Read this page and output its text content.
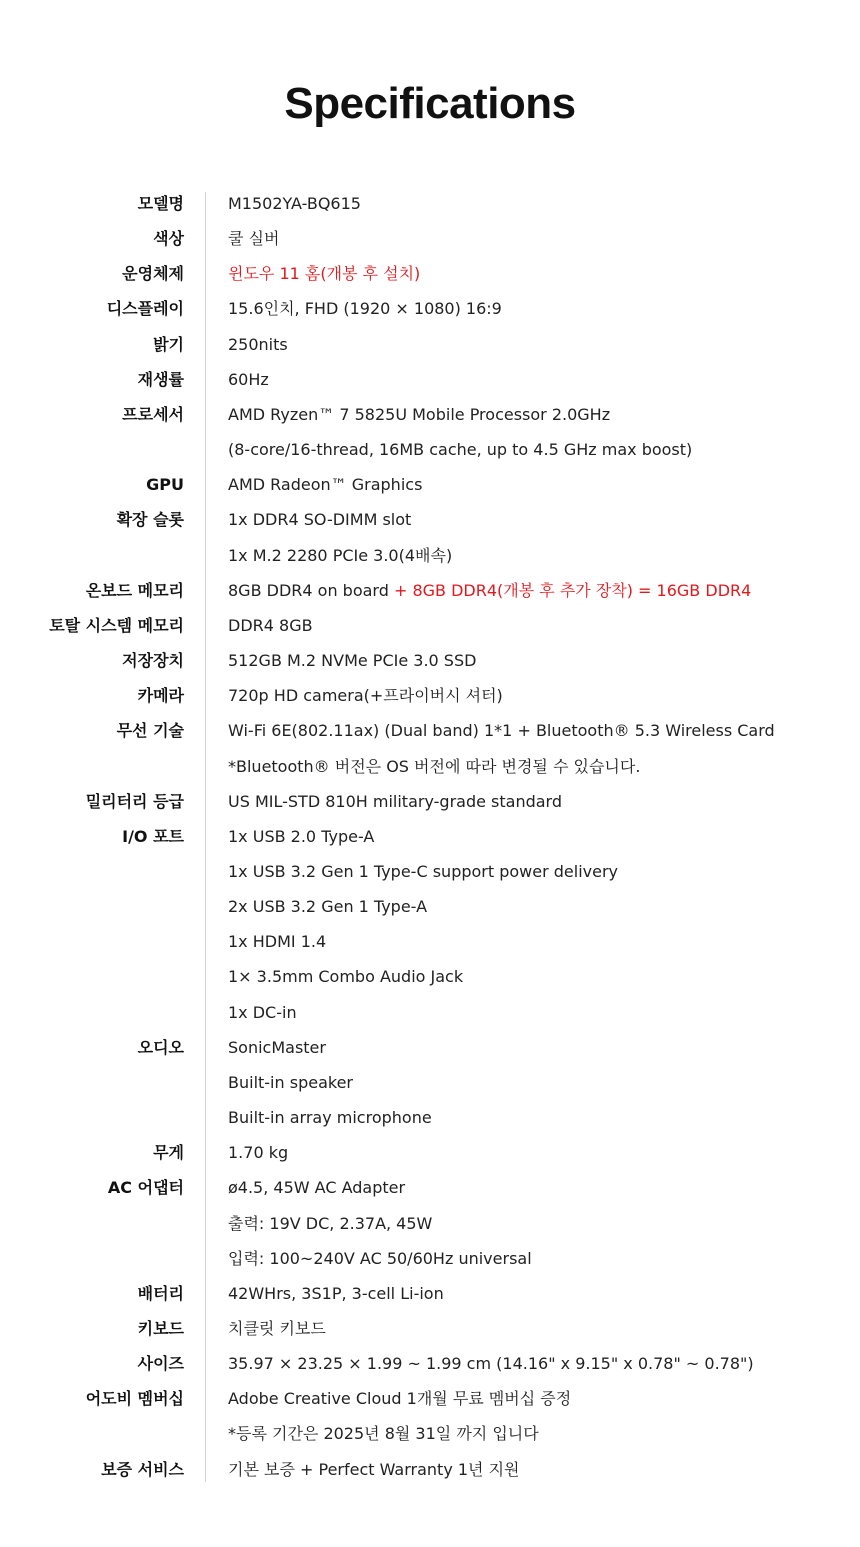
Specifications
모델명	M1502YA-BQ615
색상	쿨 실버
운영체제	윈도우 11 홈(개봉 후 설치)
디스플레이	15.6인치, FHD (1920 × 1080) 16:9
밝기	250nits
재생률	60Hz
프로세서	AMD Ryzen™ 7 5825U Mobile Processor 2.0GHz
(8-core/16-thread, 16MB cache, up to 4.5 GHz max boost)
GPU	AMD Radeon™ Graphics
확장 슬롯	1x DDR4 SO-DIMM slot
1x M.2 2280 PCIe 3.0(4배속)
온보드 메모리	8GB DDR4 on board + 8GB DDR4(개봉 후 추가 장착) = 16GB DDR4
토탈 시스템 메모리	DDR4 8GB
저장장치	512GB M.2 NVMe PCIe 3.0 SSD
카메라	720p HD camera(+프라이버시 셔터)
무선 기술	Wi-Fi 6E(802.11ax) (Dual band) 1*1 + Bluetooth® 5.3 Wireless Card
*Bluetooth® 버전은 OS 버전에 따라 변경될 수 있습니다.
밀리터리 등급	US MIL-STD 810H military-grade standard
I/O 포트	1x USB 2.0 Type-A
1x USB 3.2 Gen 1 Type-C support power delivery
2x USB 3.2 Gen 1 Type-A
1x HDMI 1.4
1× 3.5mm Combo Audio Jack
1x DC-in
오디오	SonicMaster
Built-in speaker
Built-in array microphone
무게	1.70 kg
AC 어댑터	ø4.5, 45W AC Adapter
출력: 19V DC, 2.37A, 45W
입력: 100~240V AC 50/60Hz universal
배터리	42WHrs, 3S1P, 3-cell Li-ion
키보드	치클릿 키보드
사이즈	35.97 × 23.25 × 1.99 ~ 1.99 cm (14.16" x 9.15" x 0.78" ~ 0.78")
어도비 멤버십	Adobe Creative Cloud 1개월 무료 멤버십 증정
*등록 기간은 2025년 8월 31일 까지 입니다
보증 서비스	기본 보증 + Perfect Warranty 1년 지원
